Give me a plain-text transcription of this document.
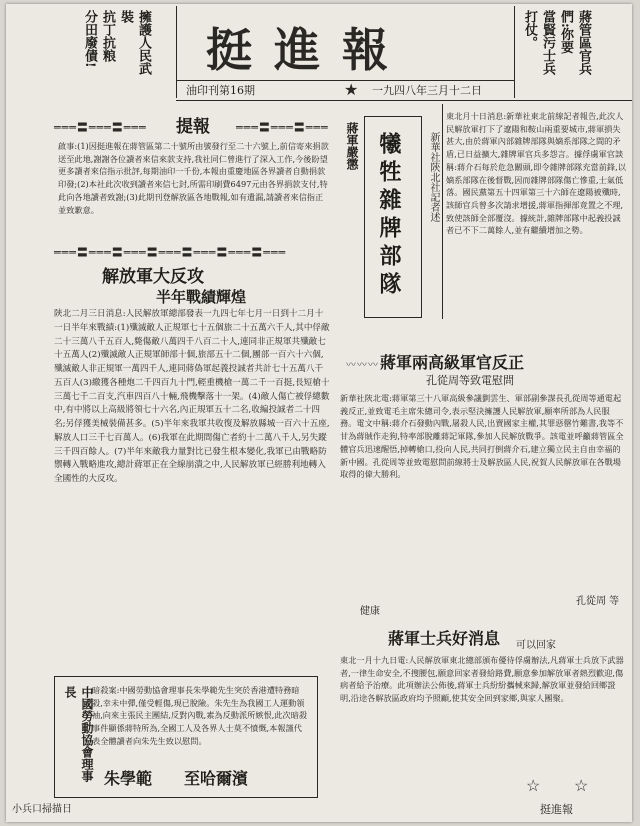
擁護人民武裝
抗丁抗粮
分田廢債!	挺進報	蔣管區官兵們:你要
當賢污士兵
打仗。
油印刊第16期	★ 一九四八年三月十二日
═══〓═══〓═══ 提報 ═══〓═══〓═══
啟事:(1)因挺進報在蔣管區第二十號所由號發行至二十六號上,前信寄來捐款送至此地,謝謝各位讀者來信來款支持,我社同仁曾進行了深入工作,今後盼望更多讀者來信指示批評,每期油印一千份,本報由重慶地區各界讀者自動捐款印發;(2)本社此次收到讀者來信七封,所需印刷費6497元由各界捐款支付,特此向各地讀者致謝;(3)此期刊登解放區各地戰報,如有遺漏,請讀者來信指正並致歉意。
═══〓═══〓═══〓═══〓═══〓═══〓═══
解放軍大反攻
半年戰績輝煌
陝北二月三日消息:人民解放軍總部發表一九四七年七月一日到十二月十一日半年來戰績:(1)殲滅敵人正規軍七十五個旅二十五萬六千人,其中俘敵二十三萬八千五百人,斃傷敵八萬四千八百二十人,連同非正規軍共殲敵七十五萬人(2)殲滅敵人正規軍師部十個,旅部五十二個,團部一百六十六個,殲滅敵人非正規軍一萬四千人,連同蔣偽軍起義投誠者共計七十五萬八千五百人(3)繳獲各種炮二千四百九十門,輕重機槍一萬二千一百挺,長短槍十三萬七千二百支,汽車四百八十輛,飛機擊落十一架。(4)敵人傷亡被俘總數中,有中將以上高級將領七十六名,內正規軍五十二名,收編投誠者二十四名;另俘獲美械裝備甚多。(5)半年來我軍共收復及解放縣城一百六十五座,解放人口三千七百萬人。(6)我軍在此期間傷亡者約十二萬八千人,另失蹤三千四百餘人。(7)半年來敵我力量對比已發生根本變化,我軍已由戰略防禦轉入戰略進攻,總計蔣軍正在全線崩潰之中,人民解放軍已經勝利地轉入全國性的大反攻。
蔣軍嚴懲 犧牲雜牌部隊	新華社陝北社記者述
東北月十日消息:新華社東北前線記者報告,此次人民解放軍打下了遼陽和鞍山兩重要城市,蔣軍損失甚大,由於蔣軍內部雜牌部隊與嫡系部隊之間的矛盾,已日益擴大,雜牌軍官兵多怨言。據俘虜軍官談稱:蔣介石每於危急關頭,即令雜牌部隊充當前鋒,以嫡系部隊在後督戰,因而雜牌部隊傷亡慘重,士氣低落。國民黨第五十四軍第三十六師在遼陽被殲時,該師官兵曾多次請求增援,蔣軍指揮部竟置之不理,致使該師全部覆沒。據統計,雜牌部隊中起義投誠者已不下二萬餘人,並有繼續增加之勢。
〰〰〰 蔣軍兩高級軍官反正
孔從周等致電慰問
新華社陝北電:蔣軍第三十八軍高級參議劉雲生、軍部副參謀長孔從周等通電起義反正,並致電毛主席朱總司令,表示堅決擁護人民解放軍,願率所部為人民服務。電文中稱:蔣介石發動內戰,屠殺人民,出賣國家主權,其罪惡罄竹難書,我等不甘為蔣賊作走狗,特率部脫離蔣記軍隊,參加人民解放戰爭。該電並呼籲蔣管區全體官兵迅速醒悟,掉轉槍口,投向人民,共同打倒蔣介石,建立獨立民主自由幸福的新中國。孔從周等並致電慰問前線將士及解放區人民,祝賀人民解放軍在各戰場取得的偉大勝利。
孔從周 等
健康
蔣軍士兵好消息 可以回家
東北一月十九日電:人民解放軍東北總部頒布優待俘虜辦法,凡蔣軍士兵放下武器者,一律生命安全,不搜腰包,願意回家者發給路費,願意參加解放軍者熱烈歡迎,傷病者給予治療。此項辦法公佈後,蔣軍士兵紛紛攜械來歸,解放軍並發給回鄉證明,沿途各解放區政府均予照顧,使其安全回到家鄉,與家人團聚。
☆ ☆
中國勞動協會理事長	暗殺案:中國勞動協會理事長朱學範先生突於香港遭特務暗殺,幸未中彈,僅受輕傷,現已脫險。朱先生為我國工人運動領袖,向來主張民主團結,反對內戰,素為反動派所嫉恨,此次暗殺事件顯係蔣特所為,全國工人及各界人士莫不憤慨,本報謹代表全體讀者向朱先生致以慰問。
朱學範 至哈爾濱
小兵口掃描日	挺進報
